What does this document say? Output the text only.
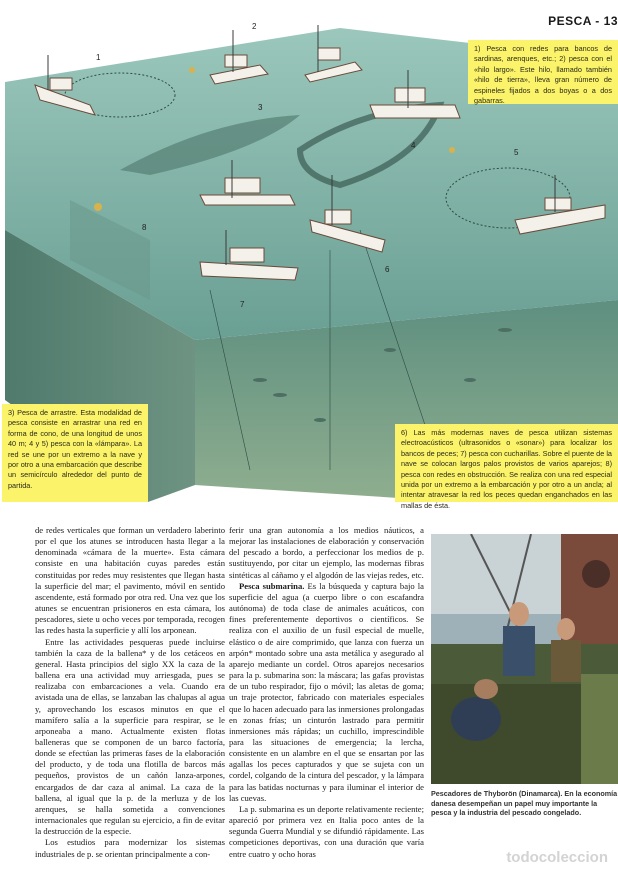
1
2
3
4
5
6
7
8
PESCA - 13
1) Pesca con redes para bancos de sardinas, arenques, etc.; 2) pesca con el «hilo largo». Este hilo, llamado también «hilo de tierra», lleva gran número de espineles fijados a dos boyas o a dos gabarras.
3) Pesca de arrastre. Esta modalidad de pesca consiste en arrastrar una red en forma de cono, de una longitud de unos 40 m; 4 y 5) pesca con la «lámpara». La red se une por un extremo a la nave y por otro a una embarcación que describe un semicírculo alrededor del punto de partida.
6) Las más modernas naves de pesca utilizan sistemas electroacústicos (ultrasonidos o «sonar») para localizar los bancos de peces; 7) pesca con cucharillas. Sobre el puente de la nave se colocan largos palos provistos de varios aparejos; 8) pesca con redes en obstrucción. Se realiza con una red especial unida por un extremo a la embarcación y por otro a un ancla; al intentar atravesar la red los peces quedan enganchados en las mallas de ésta.

de redes verticales que forman un verdadero laberinto por el que los atunes se introducen hasta llegar a la denominada «cámara de la muerte». Esta cámara consiste en una habitación cuyas paredes están constituidas por redes muy resistentes que llegan hasta la superficie del mar; el pavimento, móvil en sentido ascendente, está formado por otra red. Una vez que los atunes se encuentran prisioneros en esta cámara, los pescadores, siete u ocho veces por temporada, recogen las redes hasta la superficie y allí los arponean.

Entre las actividades pesqueras puede incluirse también la caza de la ballena* y de los cetáceos en general. Hasta principios del siglo XX la caza de la ballena era una actividad muy arriesgada, pues se realizaba con embarcaciones a vela. Cuando era avistada una de ellas, se lanzaban las chalupas al agua y, aprovechando los escasos minutos en que el mamífero salía a la superficie para respirar, se le arponeaba a mano. Actualmente existen flotas balleneras que se componen de un barco factoría, donde se efectúan las primeras fases de la elaboración del producto, y de toda una flotilla de barcos más pequeños, provistos de un cañón lanza-arpones, encargados de dar caza al animal. La caza de la ballena, al igual que la p. de la merluza y de los arenques, se halla sometida a convenciones internacionales que regulan su ejercicio, a fin de evitar la destrucción de la especie.

Los estudios para modernizar los sistemas industriales de p. se orientan principalmente a con-

ferir una gran autonomía a los medios náuticos, a mejorar las instalaciones de elaboración y conservación del pescado a bordo, a perfeccionar los medios de p. sustituyendo, por citar un ejemplo, las modernas fibras sintéticas al cáñamo y el algodón de las viejas redes, etc.

Pesca submarina. Es la búsqueda y captura bajo la superficie del agua (a cuerpo libre o con escafandra autónoma) de toda clase de animales acuáticos, con fines preferentemente deportivos o científicos. Se realiza con el auxilio de un fusil especial de muelle, elástico o de aire comprimido, que lanza con fuerza un arpón* montado sobre una asta metálica y asegurado al aparejo mediante un cordel. Otros aparejos necesarios para la p. submarina son: la máscara; las gafas provistas de un tubo respirador, fijo o móvil; las aletas de goma; un traje protector, fabricado con materiales especiales que lo hacen adecuado para las inmersiones prolongadas en zonas frías; un cinturón lastrado para permitir inmersiones más rápidas; un cuchillo, imprescindible para las situaciones de emergencia; la lercha, consistente en un alambre en el que se ensartan por las agallas los peces capturados y que se sujeta con un cordel, colgando de la cintura del pescador, y la lámpara para las batidas nocturnas y para iluminar el interior de las cuevas.

La p. submarina es un deporte relativamente reciente; apareció por primera vez en Italia poco antes de la segunda Guerra Mundial y se difundió rápidamente. Las competiciones deportivas, con una duración que varía entre cuatro y ocho horas

Pescadores de Thyborön (Dinamarca). En la economía danesa desempeñan un papel muy importante la pesca y la industria del pescado congelado.
todocoleccion
